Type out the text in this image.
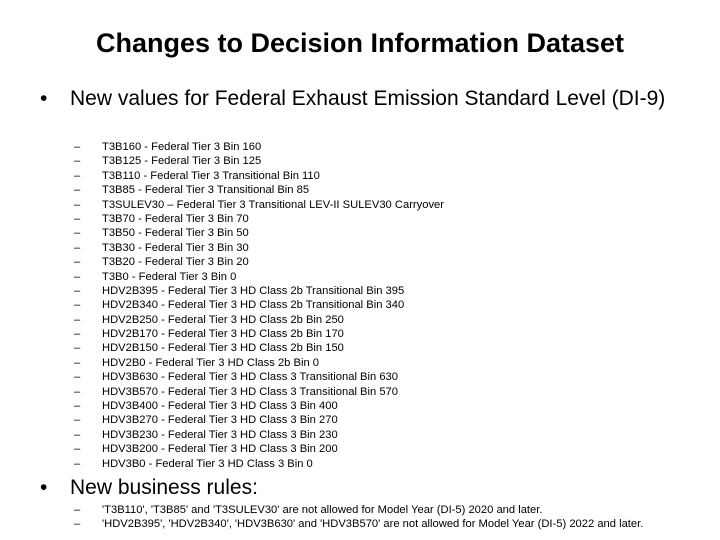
Changes to Decision Information Dataset
•	New values for Federal Exhaust Emission Standard Level (DI-9)
– T3B160 - Federal Tier 3 Bin 160
– T3B125 - Federal Tier 3 Bin 125
– T3B110 - Federal Tier 3 Transitional Bin 110
– T3B85 - Federal Tier 3 Transitional Bin 85
– T3SULEV30 – Federal Tier 3 Transitional LEV-II SULEV30 Carryover
– T3B70 - Federal Tier 3 Bin 70
– T3B50 - Federal Tier 3 Bin 50
– T3B30 - Federal Tier 3 Bin 30
– T3B20 - Federal Tier 3 Bin 20
– T3B0 - Federal Tier 3 Bin 0
– HDV2B395 - Federal Tier 3 HD Class 2b Transitional Bin 395
– HDV2B340 - Federal Tier 3 HD Class 2b Transitional Bin 340
– HDV2B250 - Federal Tier 3 HD Class 2b Bin 250
– HDV2B170 - Federal Tier 3 HD Class 2b Bin 170
– HDV2B150 - Federal Tier 3 HD Class 2b Bin 150
– HDV2B0 - Federal Tier 3 HD Class 2b Bin 0
– HDV3B630 - Federal Tier 3 HD Class 3 Transitional Bin 630
– HDV3B570 - Federal Tier 3 HD Class 3 Transitional Bin 570
– HDV3B400 - Federal Tier 3 HD Class 3 Bin 400
– HDV3B270 - Federal Tier 3 HD Class 3 Bin 270
– HDV3B230 - Federal Tier 3 HD Class 3 Bin 230
– HDV3B200 - Federal Tier 3 HD Class 3 Bin 200
– HDV3B0 - Federal Tier 3 HD Class 3 Bin 0
•	New business rules:
– 'T3B110', 'T3B85' and 'T3SULEV30' are not allowed for Model Year (DI-5) 2020 and later.
– 'HDV2B395', 'HDV2B340', 'HDV3B630' and 'HDV3B570' are not allowed for Model Year (DI-5) 2022 and later.
